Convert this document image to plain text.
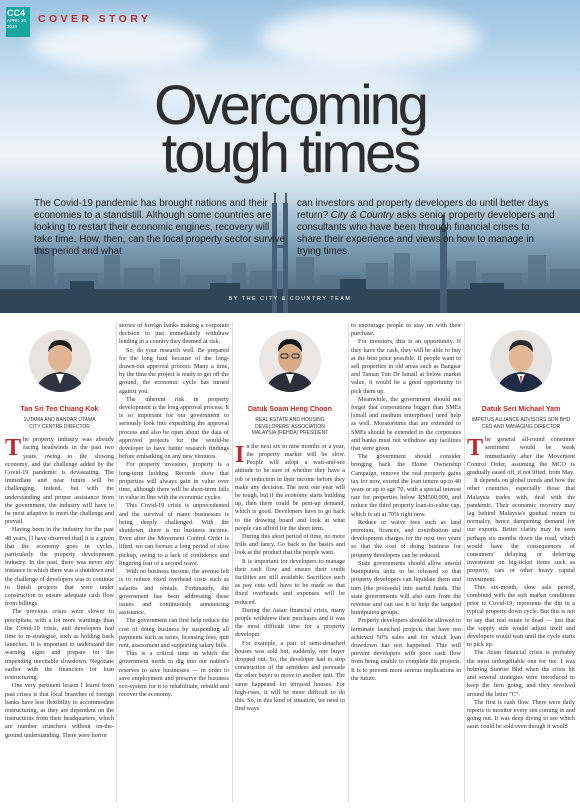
CC4
APRIL 20, 2020
COVER STORY
Overcoming
tough times
The Covid-19 pandemic has brought nations and their economies to a standstill. Although some countries are looking to restart their economic engines, recovery will take time. How, then, can the local property sector survive this period and what
can investors and property developers do until better days return? City & Country asks senior property developers and consultants who have been through financial crises to share their experience and views on how to manage in trying times.
BY THE CITY & COUNTRY TEAM
Tan Sri Teo Chiang Kok
1UTAMA AND BANDAR UTAMA
CITY CENTRE DIRECTOR

The property industry was already facing headwinds in the past two years, owing to the slowing economy, and the challenge added by the Covid-19 pandemic is devastating. The immediate and near future will be challenging, indeed, but with the understanding and proper assistance from the government, the industry will have to be most adaptive to meet the challenge and prevail.

Having been in the industry for the past 48 years, [I have observed that] it is a given that the economy goes in cycles, particularly the property development industry. In the past, there was never any instance in which there was a shutdown and the challenge of developers was to continue to finish projects that were under construction to ensure adequate cash flow from billings.

The previous crises were slower to precipitate, with a lot more warnings than the Covid-19 crisis, and developers had time to re-strategise, such as holding back launches. It is important to understand the warning signs and prepare for the impending inevitable slowdown. Negotiate earlier with the financiers for loan restructuring.

One very pertinent lesson I learnt from past crises is that local branches of foreign banks have less flexibility to accommodate restructuring, as they are dependent on the instructions from their headquarters, which are number crunchers without on-the-ground understanding. There were horror

stories of foreign banks making a corporate decision to just immediately withdraw lending in a country they deemed at risk.

So, do your research well. Be prepared for the long haul because of the long-drawn-out approval process. Many a time, by the time the project is ready to get off the ground, the economic cycle has turned against you.

The inherent risk in property development is the long approval process. It is so important for our government to seriously look into expediting the approval process and also be open about the data of approved projects for the would-be developer to have better research findings before embarking on any new ventures.

For property investors, property is a long-term holding. Records show that properties will always gain in value over time, although there will be short-term falls in value in line with the economic cycles.

This Covid-19 crisis is unprecedented and the survival of many businesses is being deeply challenged. With the shutdown, there is no business income. Even after the Movement Control Order is lifted, we can foresee a long period of slow pickup, owing to a lack of confidence and lingering fear of a second wave.

With no business income, the avenue left is to reduce fixed overhead costs such as salaries and rentals. Fortunately, the government has been addressing these issues and continuously announcing assistance.

The government can first help reduce the cost of doing business by suspending all payments such as taxes, licensing fees, quit rent, assessment and supporting salary bills.

This is a critical time in which the government needs to dig into our nation's reserves to save businesses — in order to save employment and preserve the business eco-system for it to rehabilitate, rebuild and recover the economy.

Datuk Soam Heng Choon
REAL ESTATE AND HOUSING
DEVELOPERS' ASSOCIATION
MALAYSIA (REHDA) PRESIDENT

In the next six to nine months or a year, the property market will be slow. People will adopt a wait-and-see attitude to be sure of whether they have a job or reduction in their income before they make any decision. The next one year will be tough, but if the economy starts building up, then there could be pent-up demand, which is good. Developers have to go back to the drawing board and look at what people can afford for the short term.

During this short period of time, no more frills and fancy. Go back to the basics and look at the product that the people want.

It is important for developers to manage their cash flow and ensure their credit facilities are still available. Sacrifices such as pay cuts will have to be made so that fixed overheads and expenses will be reduced.

During the Asian financial crisis, many people withdrew their purchases and it was the most difficult time for a property developer.

For example, a pair of semi-detached houses was sold but, suddenly, one buyer dropped out. So, the developer had to stop construction of the semidees and persuade the other buyer to move to another unit. The same happened for terraced houses. For high-rises, it will be more difficult to do this. So, in this kind of situation, we need to find ways

to encourage people to stay on with their purchase.

For investors, this is an opportunity. If they have the cash, they will be able to buy at the best price possible. If people want to sell properties in old areas such as Bangsar and Taman Tun Dr Ismail at below market value, it would be a good opportunity to pick them up.

Meanwhile, the government should not forget that corporations bigger than SMEs [small and medium enterprises] need help as well. Moratoriums that are extended to SMEs should be extended to the corporates and banks must not withdraw any facilities that were given.

The government should consider bringing back the Home Ownership Campaign, remove the real property gains tax for now, extend the loan tenure up to 40 years or up to age 70, with a special interest rate for properties below RM500,000, and reduce the third property loan-to-value cap, which is set at 70% right now.

Reduce or waive fees such as land premium, licences, and contribution and development charges for the next two years so that the cost of doing business for property developers can be reduced.

State governments should allow unsold bumiputera units to be released so that property developers can liquidate them and turn [the proceeds] into useful funds. The state governments will also earn from the revenue and can use it to help the targeted bumiputera groups.

Property developers should be allowed to terminate launched projects that have not achieved 50% sales and for which loan drawdown has not happened. This will prevent developers with poor cash flow from being unable to complete the projects. It is to prevent more serious implications in the future.

Datuk Seri Michael Yam
IMPETUS ALLIANCE ADVISORS SDN BHD
CEO AND MANAGING DIRECTOR

The general all-round consumer sentiment would be weak immediately after the Movement Control Order, assuming the MCO is gradually eased off, if not lifted, from May.

It depends on global trends and how the other countries, especially those that Malaysia trades with, deal with the pandemic. Their economic recovery may lag behind Malaysia's gradual return to normalcy, hence dampening demand for our exports. Better clarity may be seen perhaps six months down the road, which would have the consequences of consumers' delaying or deferring investment on big-ticket items such as property, cars or other heavy capital investment.

This six-month, slow sale period, combined with the soft market conditions prior to Covid-19, represents the dip in a typical property down cycle. But this is not to say that real estate is dead — just that the supply side would adjust itself and developers would wait until the cycle starts to pick up.

The Asian financial crisis is probably the most unforgettable one for me. I was helming Sunrise Bhd when the crisis hit and several strategies were introduced to keep the firm going, and they revolved around the letter "C".

The first is cash flow. There were daily reports to monitor every sen coming in and going out. It was deep diving to see which asset could be sold even though it would
